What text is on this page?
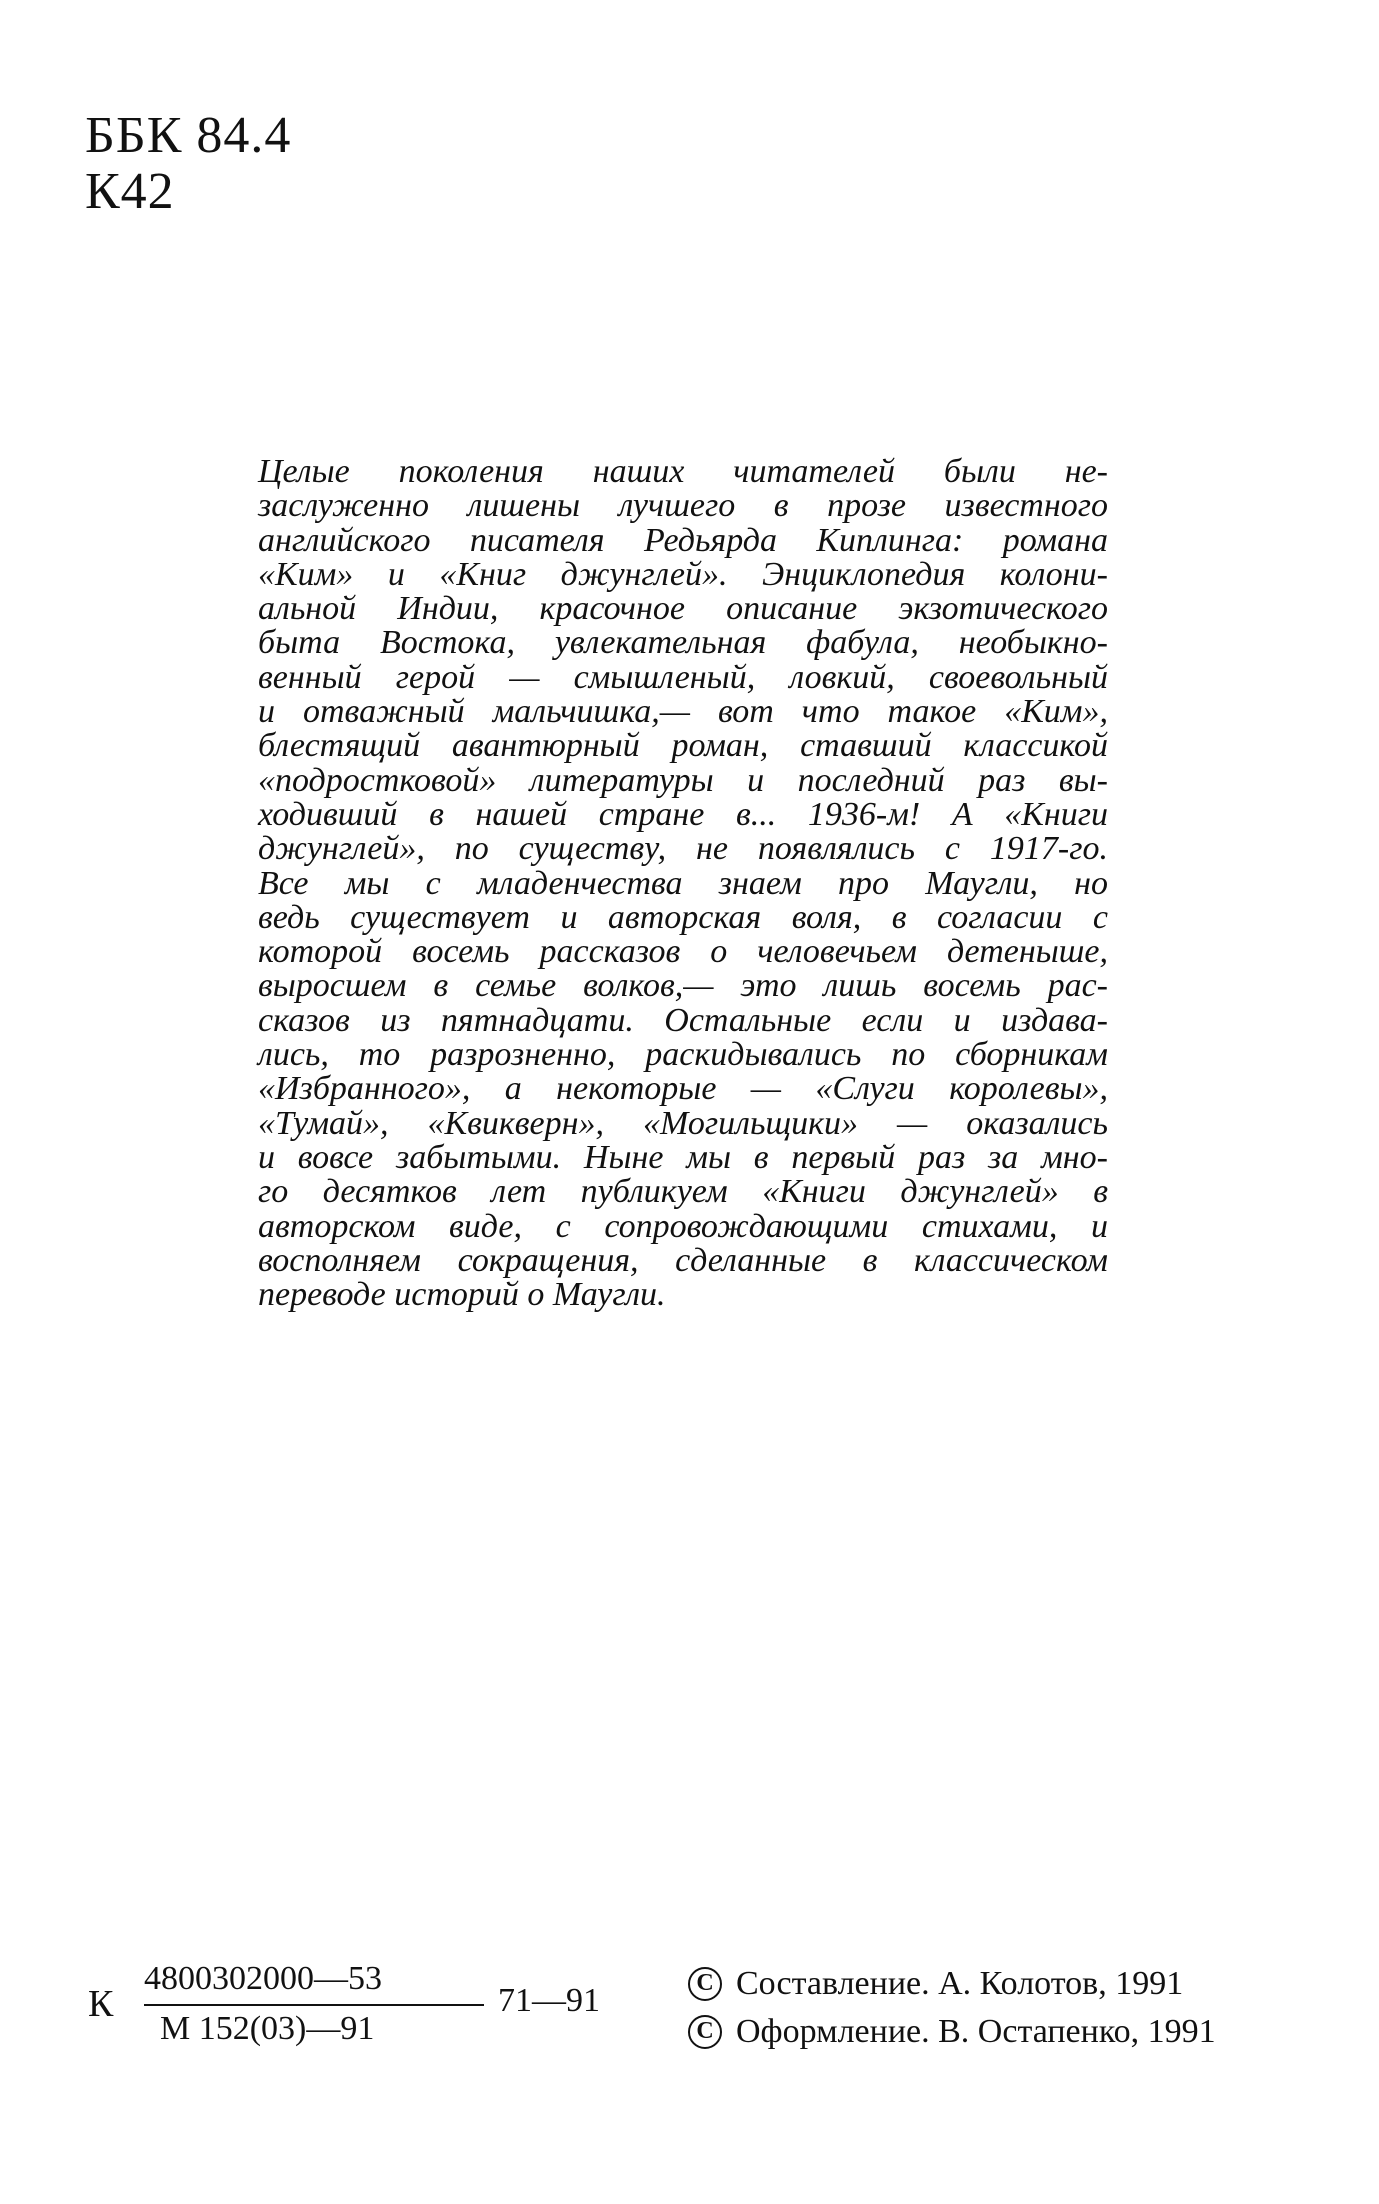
ББК 84.4
К42
Целые поколения наших читателей были не-
заслуженно лишены лучшего в прозе известного
английского писателя Редьярда Киплинга: романа
«Ким» и «Книг джунглей». Энциклопедия колони-
альной Индии, красочное описание экзотического
быта Востока, увлекательная фабула, необыкно-
венный герой — смышленый, ловкий, своевольный
и отважный мальчишка,— вот что такое «Ким»,
блестящий авантюрный роман, ставший классикой
«подростковой» литературы и последний раз вы-
ходивший в нашей стране в... 1936-м! А «Книги
джунглей», по существу, не появлялись с 1917-го.
Все мы с младенчества знаем про Маугли, но
ведь существует и авторская воля, в согласии с
которой восемь рассказов о человечьем детеныше,
выросшем в семье волков,— это лишь восемь рас-
сказов из пятнадцати. Остальные если и издава-
лись, то разрозненно, раскидывались по сборникам
«Избранного», а некоторые — «Слуги королевы»,
«Тумай», «Квикверн», «Могильщики» — оказались
и вовсе забытыми. Ныне мы в первый раз за мно-
го десятков лет публикуем «Книги джунглей» в
авторском виде, с сопровождающими стихами, и
восполняем сокращения, сделанные в классическом
переводе историй о Маугли.
К
4800302000—53
М 152(03)—91
71—91	C Составление. А. Колотов, 1991
C Оформление. В. Остапенко, 1991
